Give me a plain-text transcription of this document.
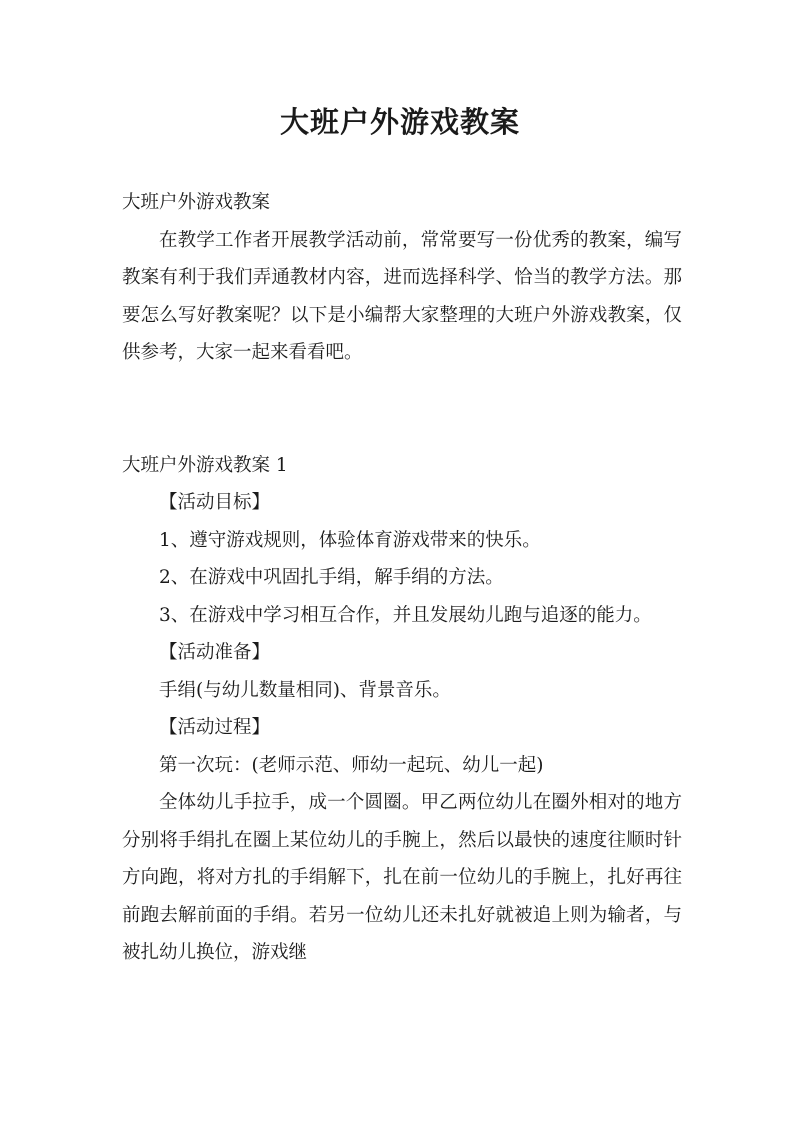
大班户外游戏教案

大班户外游戏教案

在教学工作者开展教学活动前，常常要写一份优秀的教案，编写教案有利于我们弄通教材内容，进而选择科学、恰当的教学方法。那要怎么写好教案呢？以下是小编帮大家整理的大班户外游戏教案，仅供参考，大家一起来看看吧。

大班户外游戏教案 1

【活动目标】

1、遵守游戏规则，体验体育游戏带来的快乐。

2、在游戏中巩固扎手绢，解手绢的方法。

3、在游戏中学习相互合作，并且发展幼儿跑与追逐的能力。

【活动准备】

手绢(与幼儿数量相同)、背景音乐。

【活动过程】

第一次玩：(老师示范、师幼一起玩、幼儿一起)

全体幼儿手拉手，成一个圆圈。甲乙两位幼儿在圈外相对的地方分别将手绢扎在圈上某位幼儿的手腕上，然后以最快的速度往顺时针方向跑，将对方扎的手绢解下，扎在前一位幼儿的手腕上，扎好再往前跑去解前面的手绢。若另一位幼儿还未扎好就被追上则为输者，与被扎幼儿换位，游戏继
